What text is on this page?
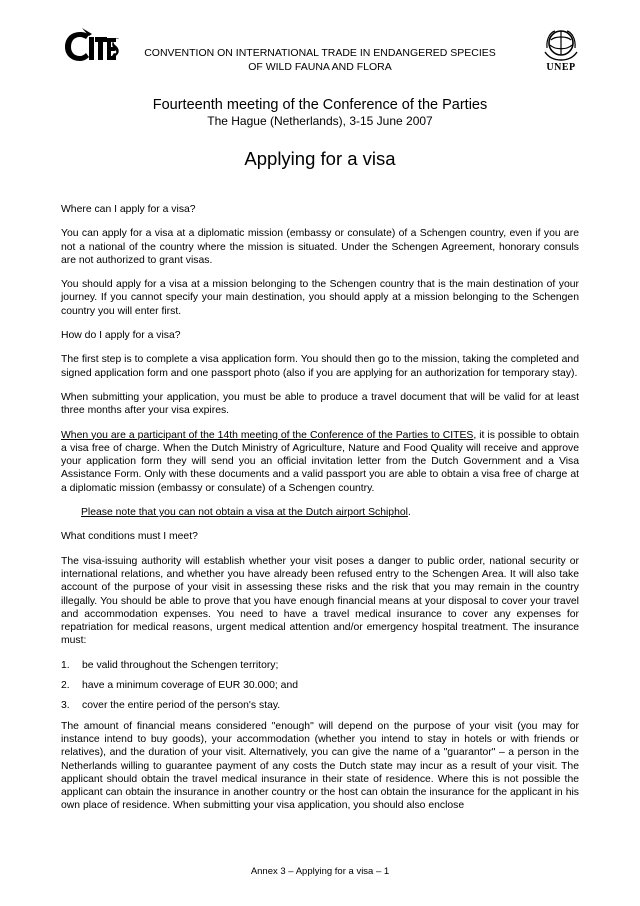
CONVENTION ON INTERNATIONAL TRADE IN ENDANGERED SPECIES
OF WILD FAUNA AND FLORA	UNEP
Fourteenth meeting of the Conference of the Parties
The Hague (Netherlands), 3-15 June 2007
Applying for a visa
Where can I apply for a visa?

You can apply for a visa at a diplomatic mission (embassy or consulate) of a Schengen country, even if you are not a national of the country where the mission is situated. Under the Schengen Agreement, honorary consuls are not authorized to grant visas.

You should apply for a visa at a mission belonging to the Schengen country that is the main destination of your journey. If you cannot specify your main destination, you should apply at a mission belonging to the Schengen country you will enter first.

How do I apply for a visa?

The first step is to complete a visa application form. You should then go to the mission, taking the completed and signed application form and one passport photo (also if you are applying for an authorization for temporary stay).

When submitting your application, you must be able to produce a travel document that will be valid for at least three months after your visa expires.

When you are a participant of the 14th meeting of the Conference of the Parties to CITES, it is possible to obtain a visa free of charge. When the Dutch Ministry of Agriculture, Nature and Food Quality will receive and approve your application form they will send you an official invitation letter from the Dutch Government and a Visa Assistance Form. Only with these documents and a valid passport you are able to obtain a visa free of charge at a diplomatic mission (embassy or consulate) of a Schengen country.

Please note that you can not obtain a visa at the Dutch airport Schiphol.

What conditions must I meet?

The visa-issuing authority will establish whether your visit poses a danger to public order, national security or international relations, and whether you have already been refused entry to the Schengen Area. It will also take account of the purpose of your visit in assessing these risks and the risk that you may remain in the country illegally. You should be able to prove that you have enough financial means at your disposal to cover your travel and accommodation expenses. You need to have a travel medical insurance to cover any expenses for repatriation for medical reasons, urgent medical attention and/or emergency hospital treatment. The insurance must:

1.	be valid throughout the Schengen territory;
2.	have a minimum coverage of EUR 30.000; and
3.	cover the entire period of the person's stay.

The amount of financial means considered "enough" will depend on the purpose of your visit (you may for instance intend to buy goods), your accommodation (whether you intend to stay in hotels or with friends or relatives), and the duration of your visit. Alternatively, you can give the name of a "guarantor" – a person in the Netherlands willing to guarantee payment of any costs the Dutch state may incur as a result of your visit. The applicant should obtain the travel medical insurance in their state of residence. Where this is not possible the applicant can obtain the insurance in another country or the host can obtain the insurance for the applicant in his own place of residence. When submitting your visa application, you should also enclose

Annex 3 – Applying for a visa – 1
